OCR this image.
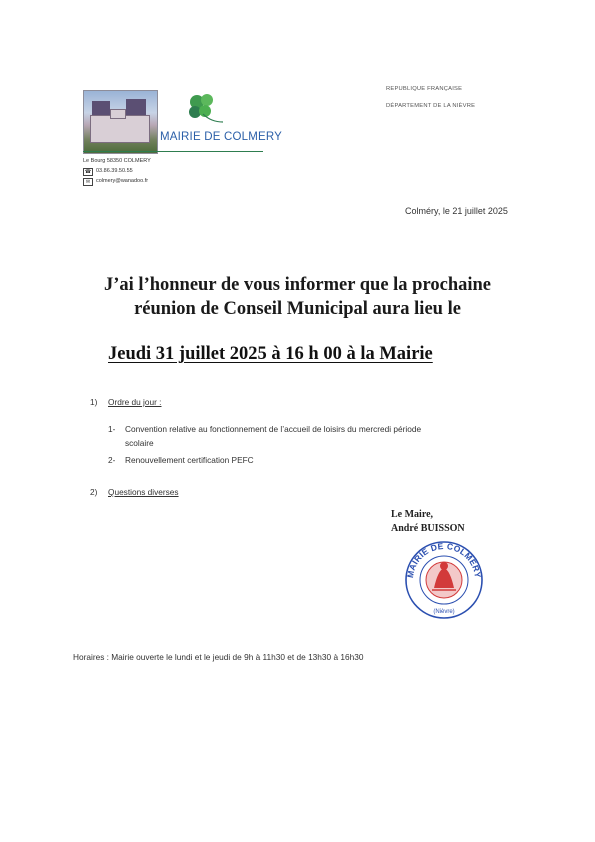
MAIRIE DE COLMERY
Le Bourg 58350 COLMERY
☎ 03.86.39.50.55
✉ colmery@wanadoo.fr
REPUBLIQUE FRANÇAISE
DÉPARTEMENT DE LA NIÈVRE
Colméry, le 21 juillet 2025
J’ai l’honneur de vous informer que la prochaine
réunion de Conseil Municipal aura lieu le
Jeudi 31 juillet 2025 à 16 h 00 à la Mairie
1) Ordre du jour :
1- Convention relative au fonctionnement de l’accueil de loisirs du mercredi période
scolaire
2- Renouvellement certification PEFC
2) Questions diverses
Le Maire,
André BUISSON
MAIRIE DE COLMERY
(Nièvre)
Horaires : Mairie ouverte le lundi et le jeudi de 9h à 11h30 et de 13h30 à 16h30
